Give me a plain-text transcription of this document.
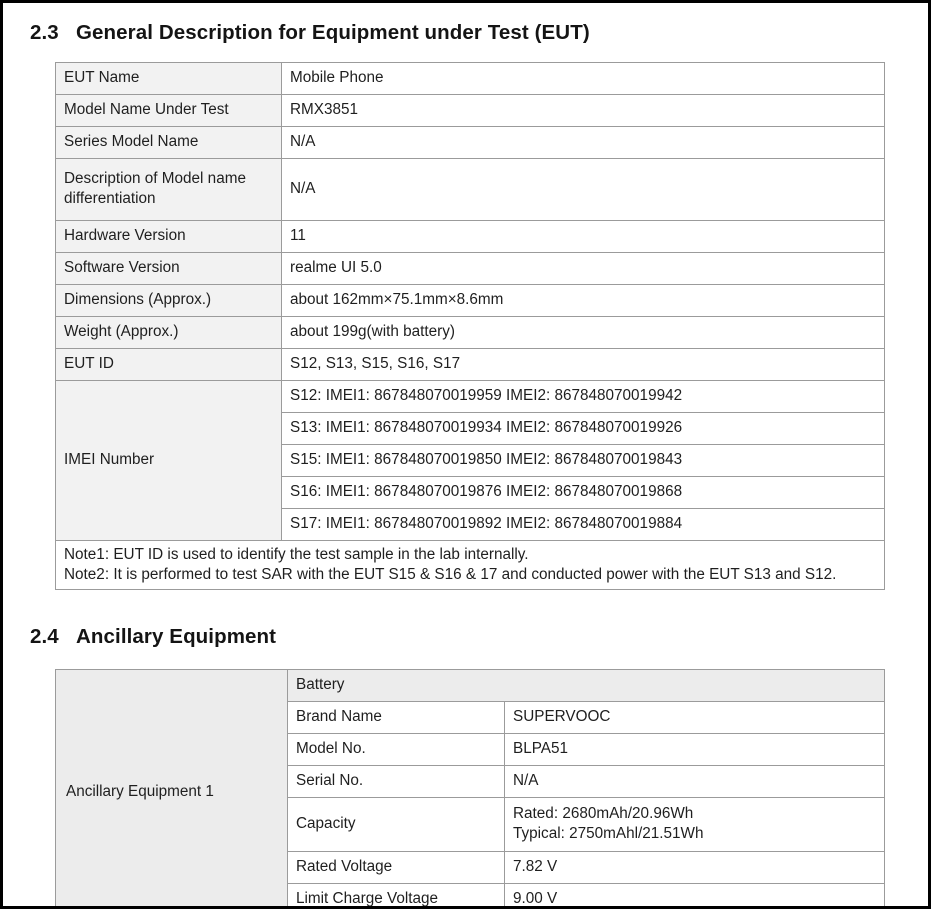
2.3 General Description for Equipment under Test (EUT)
EUT Name	Mobile Phone
Model Name Under Test	RMX3851
Series Model Name	N/A
Description of Model name differentiation	N/A
Hardware Version	11
Software Version	realme UI 5.0
Dimensions (Approx.)	about 162mm×75.1mm×8.6mm
Weight (Approx.)	about 199g(with battery)
EUT ID	S12, S13, S15, S16, S17
IMEI Number	S12: IMEI1: 867848070019959 IMEI2: 867848070019942
	S13: IMEI1: 867848070019934 IMEI2: 867848070019926
	S15: IMEI1: 867848070019850 IMEI2: 867848070019843
	S16: IMEI1: 867848070019876 IMEI2: 867848070019868
	S17: IMEI1: 867848070019892 IMEI2: 867848070019884

Note1: EUT ID is used to identify the test sample in the lab internally.
Note2: It is performed to test SAR with the EUT S15 & S16 & 17 and conducted power with the EUT S13 and S12.	
2.4 Ancillary Equipment
Ancillary Equipment 1	Battery	
	Brand Name	SUPERVOOC
	Model No.	BLPA51
	Serial No.	N/A
	Capacity	Rated: 2680mAh/20.96Wh
Typical: 2750mAhl/21.51Wh

	Rated Voltage	7.82 V
	Limit Charge Voltage	9.00 V
